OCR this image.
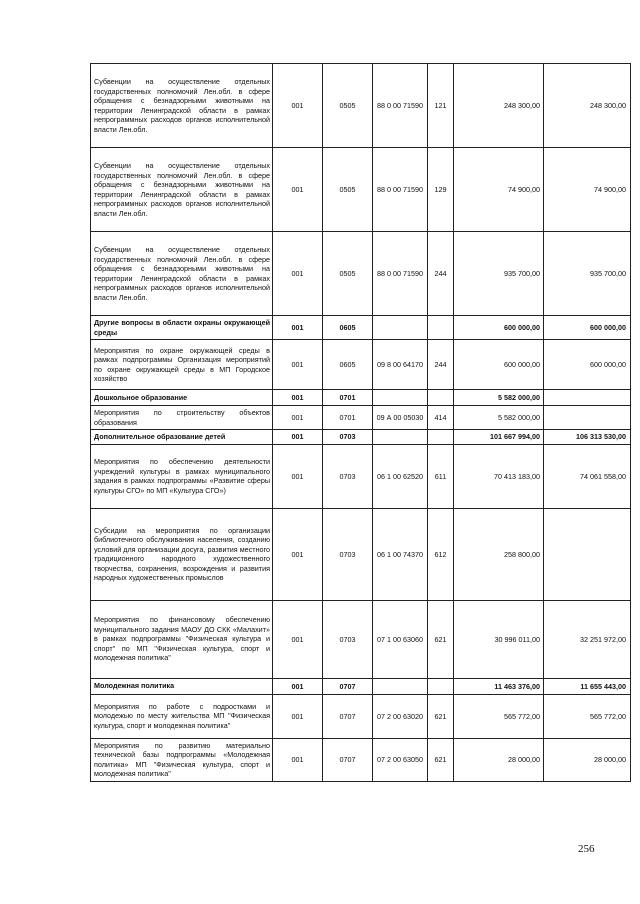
Субвенции на осуществление отдельных государственных полномочий Лен.обл. в сфере обращения с безнадзорными животными на территории Ленинградской области в рамках непрограммных расходов органов исполнительной власти Лен.обл.	001	0505	88 0 00 71590	121	248 300,00	248 300,00
Субвенции на осуществление отдельных государственных полномочий Лен.обл. в сфере обращения с безнадзорными животными на территории Ленинградской области в рамках непрограммных расходов органов исполнительной власти Лен.обл.	001	0505	88 0 00 71590	129	74 900,00	74 900,00
Субвенции на осуществление отдельных государственных полномочий Лен.обл. в сфере обращения с безнадзорными животными на территории Ленинградской области в рамках непрограммных расходов органов исполнительной власти Лен.обл.	001	0505	88 0 00 71590	244	935 700,00	935 700,00
Другие вопросы в области охраны окружающей среды	001	0605			600 000,00	600 000,00
Мероприятия по охране окружающей среды в рамках подпрограммы Организация мероприятий по охране окружающей среды в МП Городское хозяйство	001	0605	09 8 00 64170	244	600 000,00	600 000,00
Дошкольное образование	001	0701			5 582 000,00	
Мероприятия по строительству объектов образования	001	0701	09 А 00 05030	414	5 582 000,00	
Дополнительное образование детей	001	0703			101 667 994,00	106 313 530,00
Мероприятия по обеспечению деятельности учреждений культуры в рамках муниципального задания в рамках подпрограммы «Развитие сферы культуры СГО» по МП «Культура СГО»)	001	0703	06 1 00 62520	611	70 413 183,00	74 061 558,00
Субсидии на мероприятия по организации библиотечного обслуживания населения, созданию условий для организации досуга, развития местного традиционного народного художественного творчества, сохранения, возрождения и развития народных художественных промыслов	001	0703	06 1 00 74370	612	258 800,00	
Мероприятия по финансовому обеспечению муниципального задания МАОУ ДО СКК «Малахит» в рамках подпрограммы "Физическая культура и спорт" по МП "Физическая культура, спорт и молодежная политика"	001	0703	07 1 00 63060	621	30 996 011,00	32 251 972,00
Молодежная политика	001	0707			11 463 376,00	11 655 443,00
Мероприятия по работе с подростками и молодежью по месту жительства МП "Физическая культура, спорт и молодежная политика"	001	0707	07 2 00 63020	621	565 772,00	565 772,00
Мероприятия по развитию материально технической базы подпрограммы «Молодежная политика» МП "Физическая культура, спорт и молодежная политика"	001	0707	07 2 00 63050	621	28 000,00	28 000,00
256
